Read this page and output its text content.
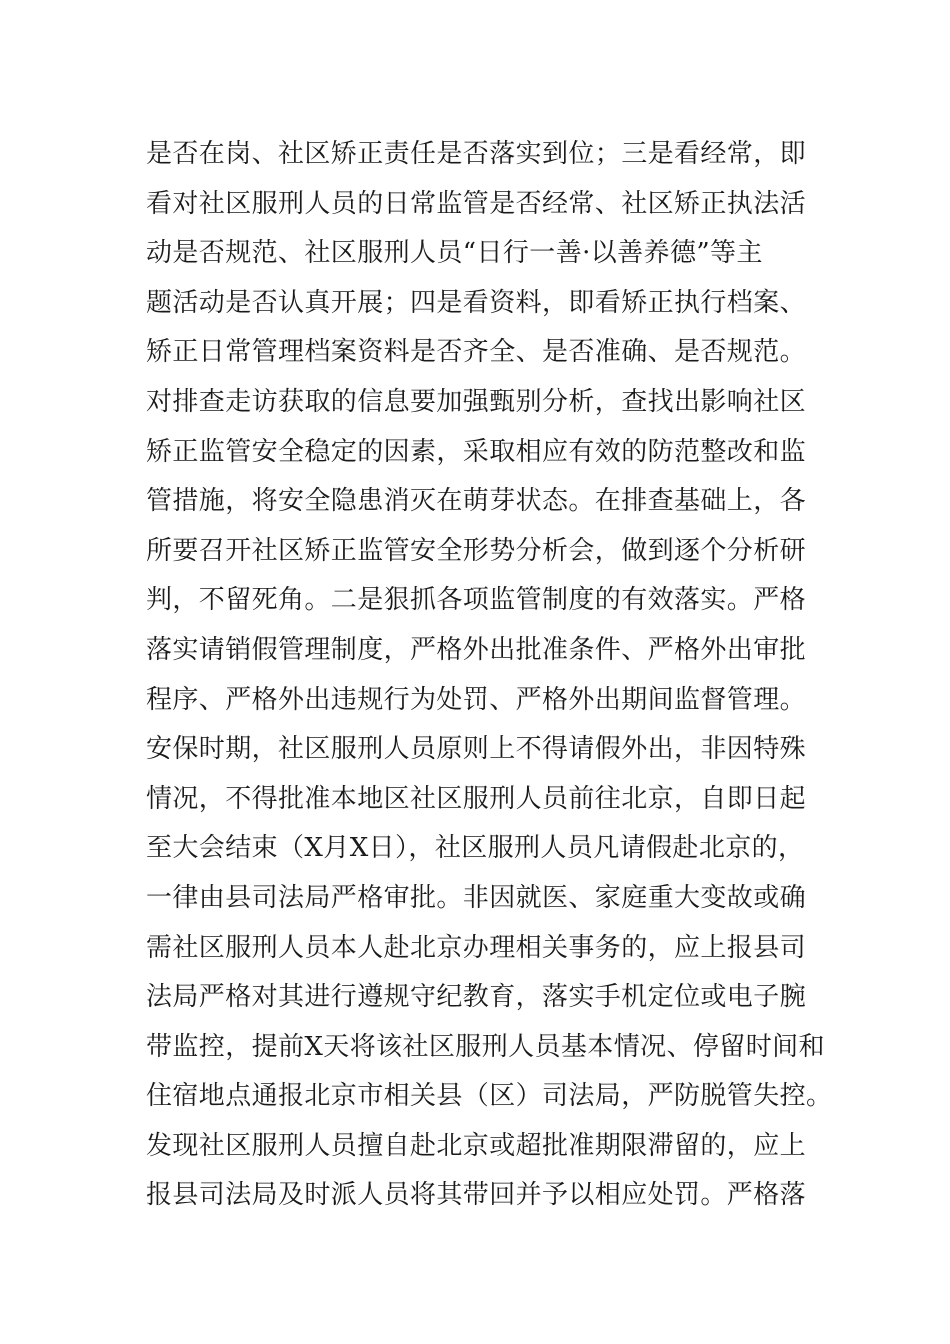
是否在岗、社区矫正责任是否落实到位；三是看经常，即
看对社区服刑人员的日常监管是否经常、社区矫正执法活
动是否规范、社区服刑人员“日行一善·以善养德”等主
题活动是否认真开展；四是看资料，即看矫正执行档案、
矫正日常管理档案资料是否齐全、是否准确、是否规范。
对排查走访获取的信息要加强甄别分析，查找出影响社区
矫正监管安全稳定的因素，采取相应有效的防范整改和监
管措施，将安全隐患消灭在萌芽状态。在排查基础上，各
所要召开社区矫正监管安全形势分析会，做到逐个分析研
判，不留死角。二是狠抓各项监管制度的有效落实。严格
落实请销假管理制度，严格外出批准条件、严格外出审批
程序、严格外出违规行为处罚、严格外出期间监督管理。
安保时期，社区服刑人员原则上不得请假外出，非因特殊
情况，不得批准本地区社区服刑人员前往北京，自即日起
至大会结束（X月X日），社区服刑人员凡请假赴北京的，
一律由县司法局严格审批。非因就医、家庭重大变故或确
需社区服刑人员本人赴北京办理相关事务的，应上报县司
法局严格对其进行遵规守纪教育，落实手机定位或电子腕
带监控，提前X天将该社区服刑人员基本情况、停留时间和
住宿地点通报北京市相关县（区）司法局，严防脱管失控。
发现社区服刑人员擅自赴北京或超批准期限滞留的，应上
报县司法局及时派人员将其带回并予以相应处罚。严格落
